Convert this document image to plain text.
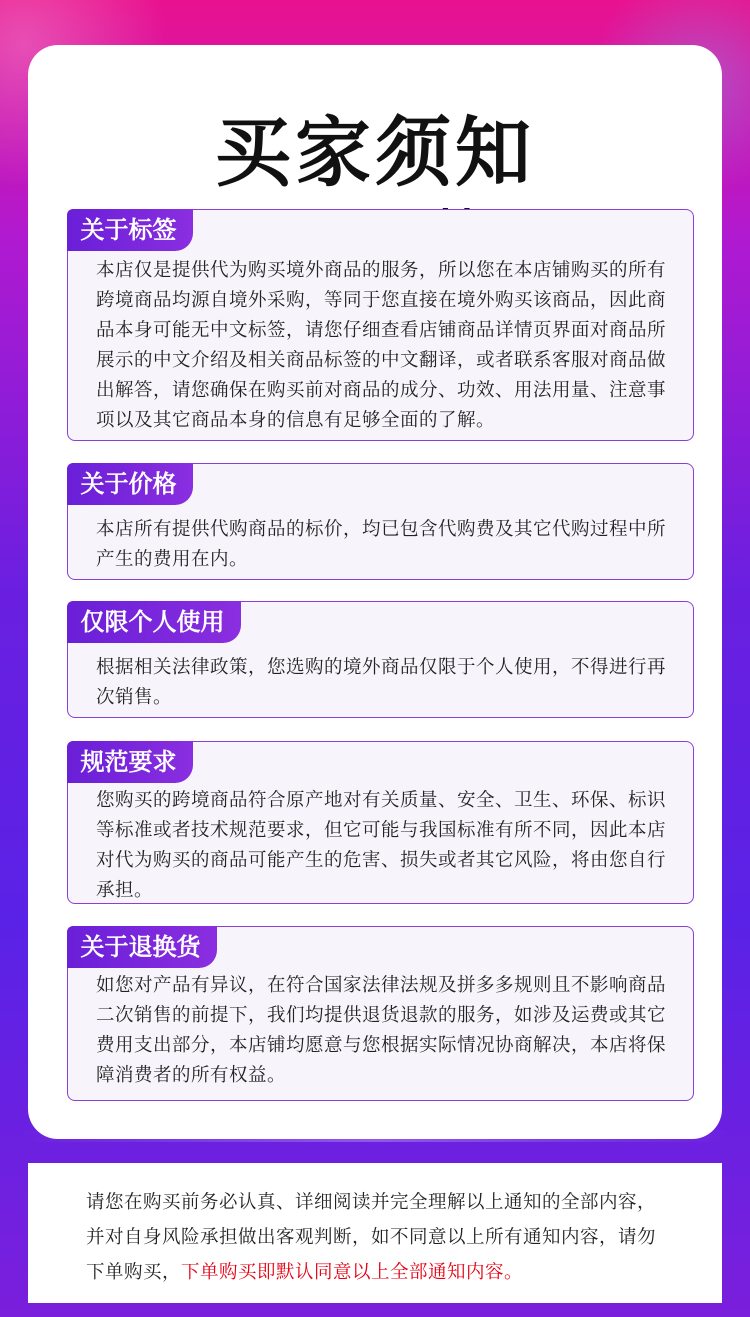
买家须知
关于标签
本店仅是提供代为购买境外商品的服务，所以您在本店铺购买的所有跨境商品均源自境外采购，等同于您直接在境外购买该商品，因此商品本身可能无中文标签，请您仔细查看店铺商品详情页界面对商品所展示的中文介绍及相关商品标签的中文翻译，或者联系客服对商品做出解答，请您确保在购买前对商品的成分、功效、用法用量、注意事项以及其它商品本身的信息有足够全面的了解。
关于价格
本店所有提供代购商品的标价，均已包含代购费及其它代购过程中所产生的费用在内。
仅限个人使用
根据相关法律政策，您选购的境外商品仅限于个人使用，不得进行再次销售。
规范要求
您购买的跨境商品符合原产地对有关质量、安全、卫生、环保、标识等标准或者技术规范要求，但它可能与我国标准有所不同，因此本店对代为购买的商品可能产生的危害、损失或者其它风险，将由您自行承担。
关于退换货
如您对产品有异议，在符合国家法律法规及拼多多规则且不影响商品二次销售的前提下，我们均提供退货退款的服务，如涉及运费或其它费用支出部分，本店铺均愿意与您根据实际情况协商解决，本店将保障消费者的所有权益。
请您在购买前务必认真、详细阅读并完全理解以上通知的全部内容，并对自身风险承担做出客观判断，如不同意以上所有通知内容，请勿下单购买，下单购买即默认同意以上全部通知内容。
